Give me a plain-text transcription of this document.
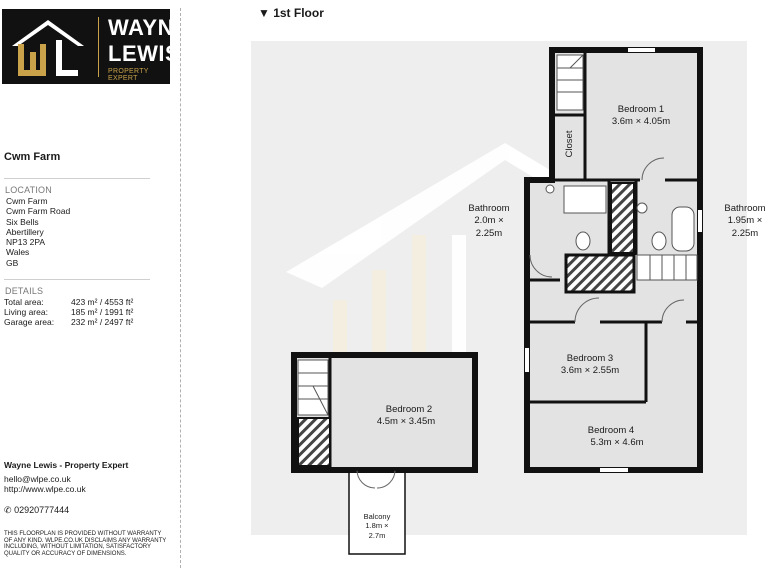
WAYNE
LEWIS
PROPERTY EXPERT
Cwm Farm
LOCATION
Cwm Farm
Cwm Farm Road
Six Bells
Abertillery
NP13 2PA
Wales
GB
DETAILS
Total area:	423 m² / 4553 ft²
Living area:	185 m² / 1991 ft²
Garage area: 232 m² / 2497 ft²
Wayne Lewis - Property Expert
hello@wlpe.co.uk
http://www.wlpe.co.uk
✆ 02920777444
THIS FLOORPLAN IS PROVIDED WITHOUT WARRANTY OF ANY KIND. WLPE.CO.UK DISCLAIMS ANY WARRANTY INCLUDING, WITHOUT LIMITATION, SATISFACTORY QUALITY OR ACCURACY OF DIMENSIONS.
▼ 1st Floor
Bedroom 1
3.6m × 4.05m
Closet
Bathroom
2.0m ×
2.25m
Bathroom
1.95m ×
2.25m
Bedroom 2
4.5m × 3.45m
Bedroom 3
3.6m × 2.55m
Bedroom 4
5.3m × 4.6m
Balcony
1.8m ×
2.7m
